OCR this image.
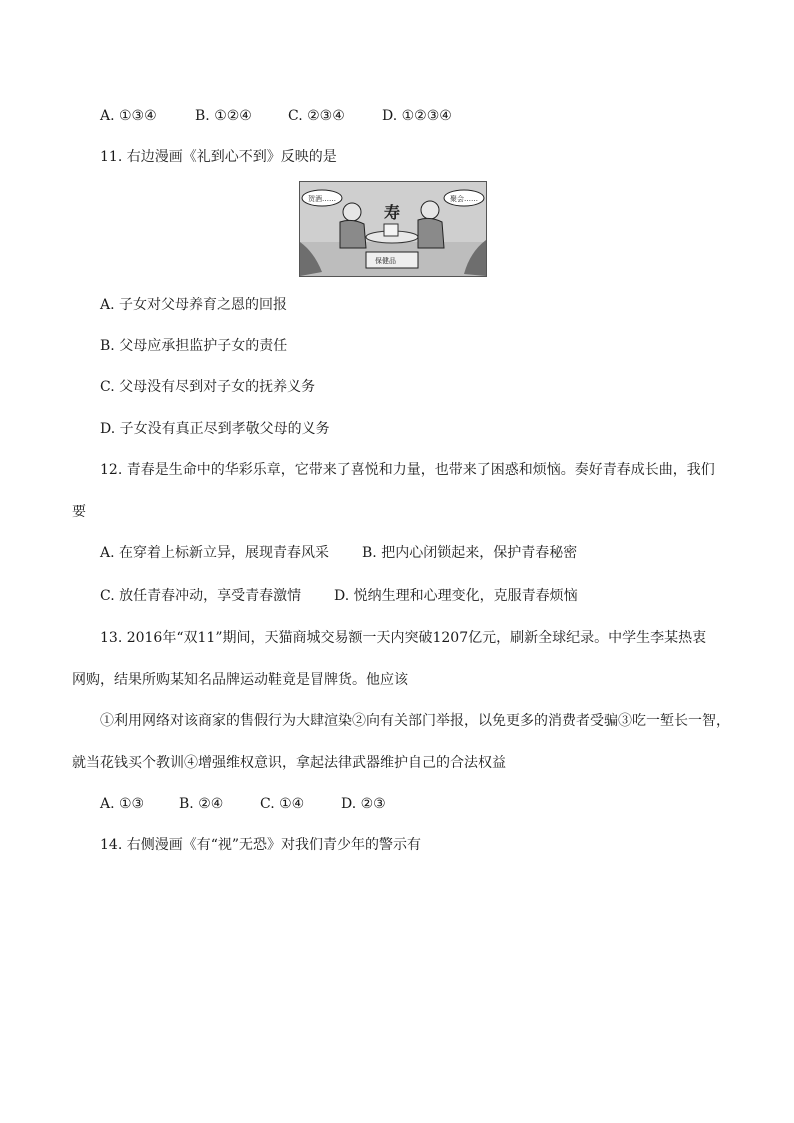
A. ①③④	B. ①②④	C. ②③④	D. ①②③④
11. 右边漫画《礼到心不到》反映的是
寿
贺酒……	聚会……
保健品
A. 子女对父母养育之恩的回报
B. 父母应承担监护子女的责任
C. 父母没有尽到对子女的抚养义务
D. 子女没有真正尽到孝敬父母的义务
12. 青春是生命中的华彩乐章，它带来了喜悦和力量，也带来了困惑和烦恼。奏好青春成长曲，我们
要
A. 在穿着上标新立异，展现青春风采 B. 把内心闭锁起来，保护青春秘密
C. 放任青春冲动，享受青春激情 D. 悦纳生理和心理变化，克服青春烦恼
13. 2016年“双11”期间，天猫商城交易额一天内突破1207亿元，刷新全球纪录。中学生李某热衷
网购，结果所购某知名品牌运动鞋竟是冒牌货。他应该
①利用网络对该商家的售假行为大肆渲染②向有关部门举报，以免更多的消费者受骗③吃一堑长一智，
就当花钱买个教训④增强维权意识，拿起法律武器维护自己的合法权益
A. ①③ B. ②④	C. ①④	D. ②③
14. 右侧漫画《有“视”无恐》对我们青少年的警示有
